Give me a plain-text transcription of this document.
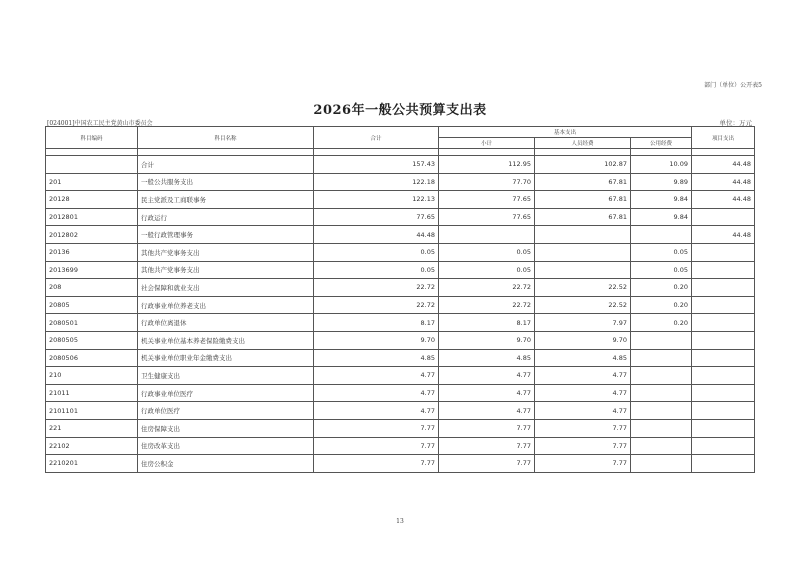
部门（单位）公开表5
2026年一般公共预算支出表
[024001]中国农工民主党黄山市委员会	单位：万元
科目编码	科目名称	合计	基本支出			项目支出
			小计	人员经费	公用经费	

	合计	157.43	112.95	102.87	10.09	44.48
201	一般公共服务支出	122.18	77.70	67.81	9.89	44.48
20128	民主党派及工商联事务	122.13	77.65	67.81	9.84	44.48
2012801	行政运行	77.65	77.65	67.81	9.84	
2012802	一般行政管理事务	44.48				44.48
20136	其他共产党事务支出	0.05	0.05		0.05	
2013699	其他共产党事务支出	0.05	0.05		0.05	
208	社会保障和就业支出	22.72	22.72	22.52	0.20	
20805	行政事业单位养老支出	22.72	22.72	22.52	0.20	
2080501	行政单位离退休	8.17	8.17	7.97	0.20	
2080505	机关事业单位基本养老保险缴费支出	9.70	9.70	9.70		
2080506	机关事业单位职业年金缴费支出	4.85	4.85	4.85		
210	卫生健康支出	4.77	4.77	4.77		
21011	行政事业单位医疗	4.77	4.77	4.77		
2101101	行政单位医疗	4.77	4.77	4.77		
221	住房保障支出	7.77	7.77	7.77		
22102	住房改革支出	7.77	7.77	7.77		
2210201	住房公积金	7.77	7.77	7.77		
13
